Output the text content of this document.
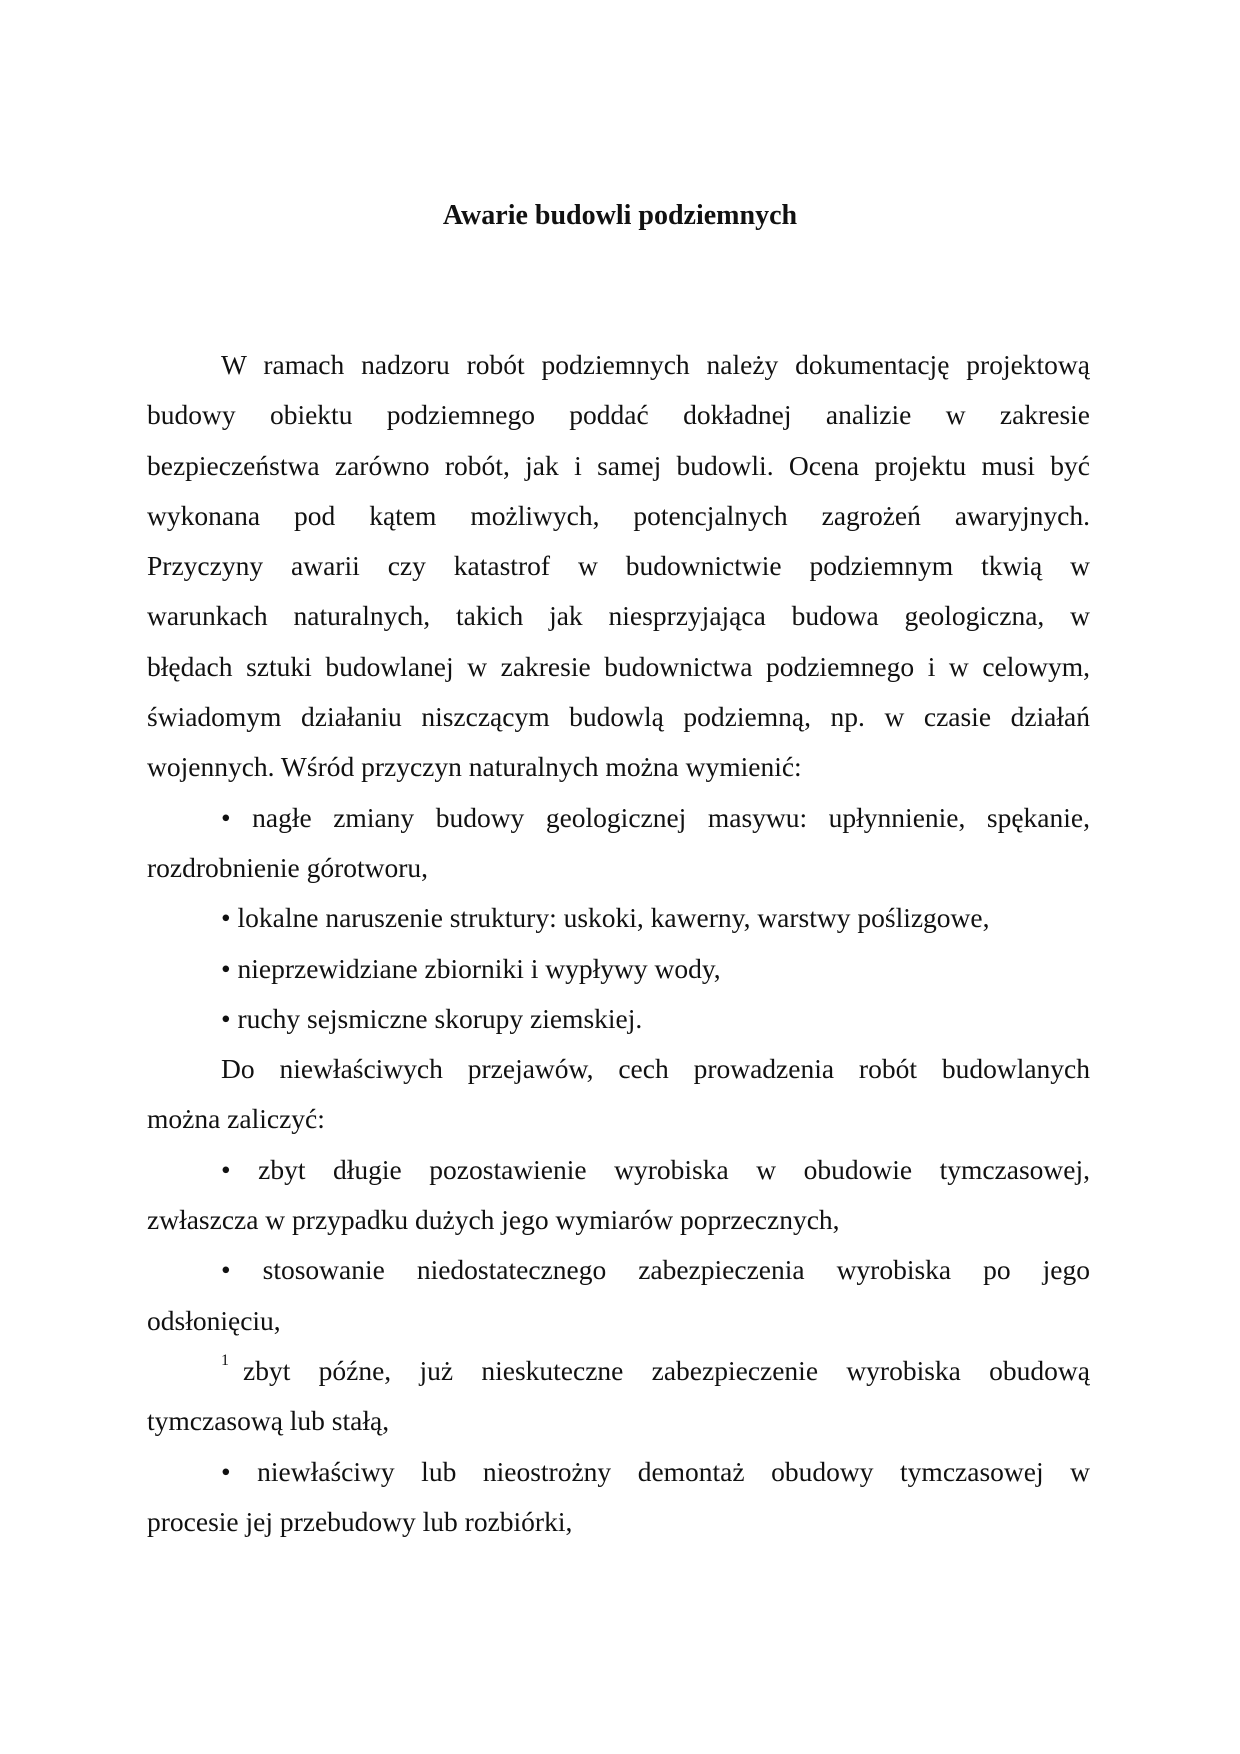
Awarie budowli podziemnych
W ramach nadzoru robót podziemnych należy dokumentację projektową
budowy obiektu podziemnego poddać dokładnej analizie w zakresie
bezpieczeństwa zarówno robót, jak i samej budowli. Ocena projektu musi być
wykonana pod kątem możliwych, potencjalnych zagrożeń awaryjnych.
Przyczyny awarii czy katastrof w budownictwie podziemnym tkwią w
warunkach naturalnych, takich jak niesprzyjająca budowa geologiczna, w
błędach sztuki budowlanej w zakresie budownictwa podziemnego i w celowym,
świadomym działaniu niszczącym budowlą podziemną, np. w czasie działań
wojennych. Wśród przyczyn naturalnych można wymienić:
• nagłe zmiany budowy geologicznej masywu: upłynnienie, spękanie,
rozdrobnienie górotworu,
• lokalne naruszenie struktury: uskoki, kawerny, warstwy poślizgowe,
• nieprzewidziane zbiorniki i wypływy wody,
• ruchy sejsmiczne skorupy ziemskiej.
Do niewłaściwych przejawów, cech prowadzenia robót budowlanych
można zaliczyć:
• zbyt długie pozostawienie wyrobiska w obudowie tymczasowej,
zwłaszcza w przypadku dużych jego wymiarów poprzecznych,
• stosowanie niedostatecznego zabezpieczenia wyrobiska po jego
odsłonięciu,
1 zbyt późne, już nieskuteczne zabezpieczenie wyrobiska obudową
tymczasową lub stałą,
• niewłaściwy lub nieostrożny demontaż obudowy tymczasowej w
procesie jej przebudowy lub rozbiórki,
